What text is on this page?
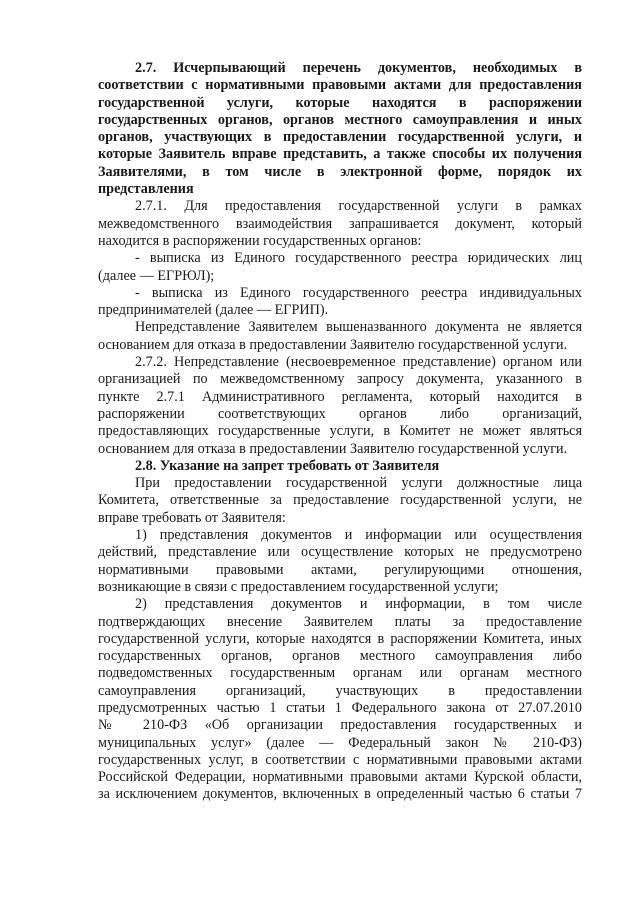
2.7. Исчерпывающий перечень документов, необходимых в
соответствии с нормативными правовыми актами для предоставления
государственной услуги, которые находятся в распоряжении
государственных органов, органов местного самоуправления и иных
органов, участвующих в предоставлении государственной услуги, и
которые Заявитель вправе представить, а также способы их получения
Заявителями, в том числе в электронной форме, порядок их
представления
2.7.1. Для предоставления государственной услуги в рамках
межведомственного взаимодействия запрашивается документ, который
находится в распоряжении государственных органов:
- выписка из Единого государственного реестра юридических лиц
(далее — ЕГРЮЛ);
- выписка из Единого государственного реестра индивидуальных
предпринимателей (далее — ЕГРИП).
Непредставление Заявителем вышеназванного документа не является
основанием для отказа в предоставлении Заявителю государственной услуги.
2.7.2. Непредставление (несвоевременное представление) органом или
организацией по межведомственному запросу документа, указанного в
пункте 2.7.1 Административного регламента, который находится в
распоряжении соответствующих органов либо организаций,
предоставляющих государственные услуги, в Комитет не может являться
основанием для отказа в предоставлении Заявителю государственной услуги.
2.8. Указание на запрет требовать от Заявителя
При предоставлении государственной услуги должностные лица
Комитета, ответственные за предоставление государственной услуги, не
вправе требовать от Заявителя:
1) представления документов и информации или осуществления
действий, представление или осуществление которых не предусмотрено
нормативными правовыми актами, регулирующими отношения,
возникающие в связи с предоставлением государственной услуги;
2) представления документов и информации, в том числе
подтверждающих внесение Заявителем платы за предоставление
государственной услуги, которые находятся в распоряжении Комитета, иных
государственных органов, органов местного самоуправления либо
подведомственных государственным органам или органам местного
самоуправления организаций, участвующих в предоставлении
предусмотренных частью 1 статьи 1 Федерального закона от 27.07.2010
№ 210-ФЗ «Об организации предоставления государственных и
муниципальных услуг» (далее — Федеральный закон № 210-ФЗ)
государственных услуг, в соответствии с нормативными правовыми актами
Российской Федерации, нормативными правовыми актами Курской области,
за исключением документов, включенных в определенный частью 6 статьи 7
